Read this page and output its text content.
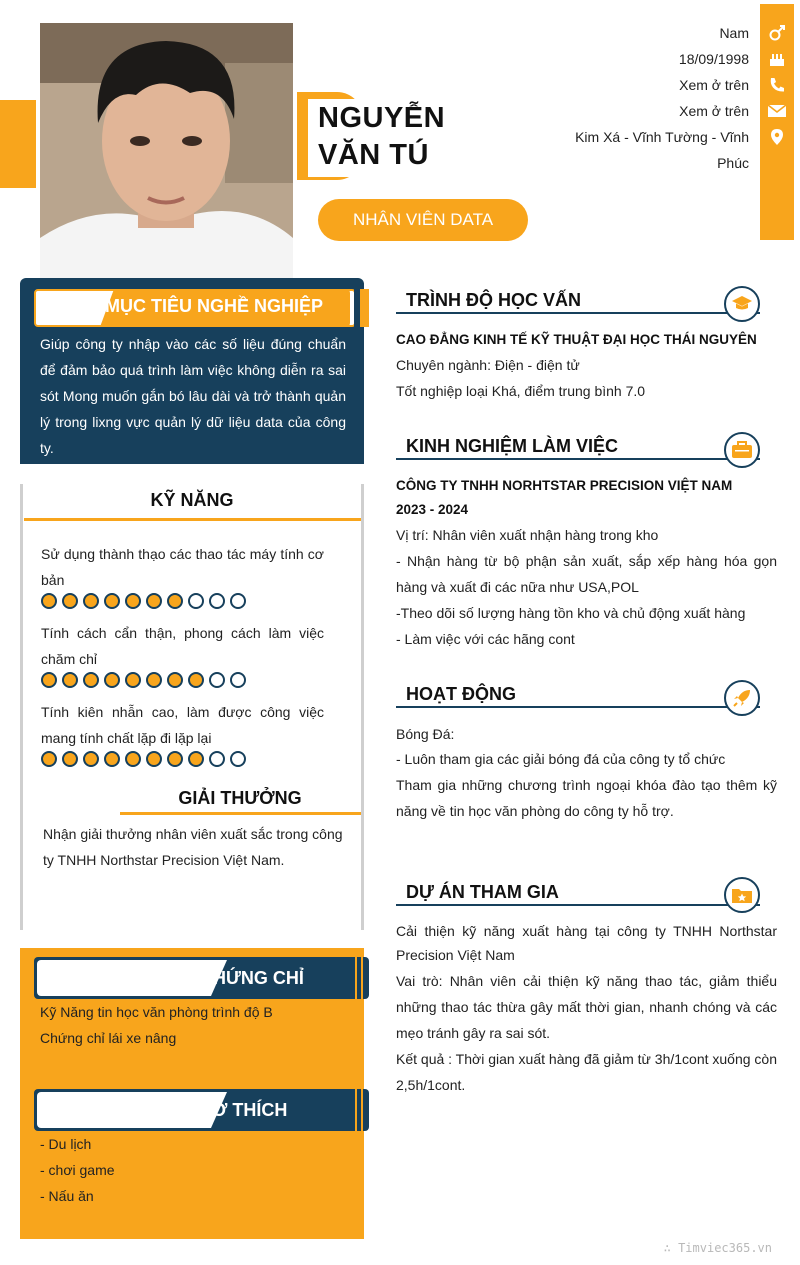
NGUYỄN
VĂN TÚ
NHÂN VIÊN DATA
Nam
18/09/1998
Xem ở trên
Xem ở trên
Kim Xá - Vĩnh Tường - Vĩnh Phúc
MỤC TIÊU NGHỀ NGHIỆP
Giúp công ty nhập vào các số liệu đúng chuẩn để đảm bảo quá trình làm việc không diễn ra sai sót Mong muốn gắn bó lâu dài và trở thành quản lý trong lixng vực quản lý dữ liệu data của công ty.
KỸ NĂNG
Sử dụng thành thạo các thao tác máy tính cơ bản
Tính cách cẩn thận, phong cách làm việc chăm chỉ
Tính kiên nhẫn cao, làm được công việc mang tính chất lặp đi lặp lại
GIẢI THƯỞNG
Nhận giải thưởng nhân viên xuất sắc trong công ty TNHH Northstar Precision Việt Nam.
CHỨNG CHỈ
Kỹ Năng tin học văn phòng trình độ B
Chứng chỉ lái xe nâng
SỞ THÍCH
- Du lịch
- chơi game
- Nấu ăn
TRÌNH ĐỘ HỌC VẤN
CAO ĐẲNG KINH TẾ KỸ THUẬT ĐẠI HỌC THÁI NGUYÊN
Chuyên ngành: Điện - điện tử
Tốt nghiệp loại Khá, điểm trung bình 7.0
KINH NGHIỆM LÀM VIỆC
CÔNG TY TNHH NORHTSTAR PRECISION VIỆT NAM
2023 - 2024
Vị trí: Nhân viên xuất nhận hàng trong kho
- Nhận hàng từ bộ phận sản xuất, sắp xếp hàng hóa gọn hàng và xuất đi các nữa như USA,POL
-Theo dõi số lượng hàng tồn kho và chủ động xuất hàng
- Làm việc với các hãng cont
HOẠT ĐỘNG
Bóng Đá:
- Luôn tham gia các giải bóng đá của công ty tổ chức
Tham gia những chương trình ngoại khóa đào tạo thêm kỹ năng về tin học văn phòng do công ty hỗ trợ.
DỰ ÁN THAM GIA
Cải thiện kỹ năng xuất hàng tại công ty TNHH Northstar Precision Việt Nam
Vai trò: Nhân viên cải thiện kỹ năng thao tác, giảm thiểu những thao tác thừa gây mất thời gian, nhanh chóng và các mẹo tránh gây ra sai sót.
Kết quả : Thời gian xuất hàng đã giảm từ 3h/1cont xuống còn 2,5h/1cont.
∴ Timviec365.vn
